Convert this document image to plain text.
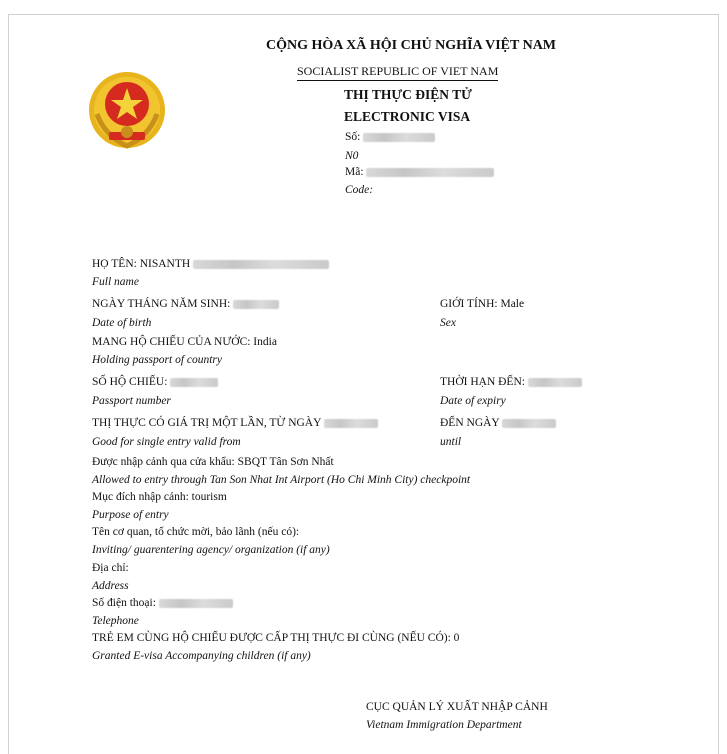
CỘNG HÒA XÃ HỘI CHỦ NGHĨA VIỆT NAM
SOCIALIST REPUBLIC OF VIET NAM
THỊ THỰC ĐIỆN TỬ
ELECTRONIC VISA
Số:
N0
Mã:
Code:
HỌ TÊN: NISANTH
Full name
NGÀY THÁNG NĂM SINH:
Date of birth
GIỚI TÍNH: Male
Sex
MANG HỘ CHIẾU CỦA NƯỚC: India
Holding passport of country
SỐ HỘ CHIẾU:
Passport number
THỜI HẠN ĐẾN:
Date of expiry
THỊ THỰC CÓ GIÁ TRỊ MỘT LẦN, TỪ NGÀY
Good for single entry valid from
ĐẾN NGÀY
until
Được nhập cảnh qua cửa khẩu: SBQT Tân Sơn Nhất
Allowed to entry through Tan Son Nhat Int Airport (Ho Chi Minh City) checkpoint
Mục đích nhập cảnh: tourism
Purpose of entry
Tên cơ quan, tổ chức mời, bảo lãnh (nếu có):
Inviting/ guarentering agency/ organization (if any)
Địa chỉ:
Address
Số điện thoại:
Telephone
TRẺ EM CÙNG HỘ CHIẾU ĐƯỢC CẤP THỊ THỰC ĐI CÙNG (NẾU CÓ): 0
Granted E-visa Accompanying children (if any)
CỤC QUẢN LÝ XUẤT NHẬP CẢNH
Vietnam Immigration Department
